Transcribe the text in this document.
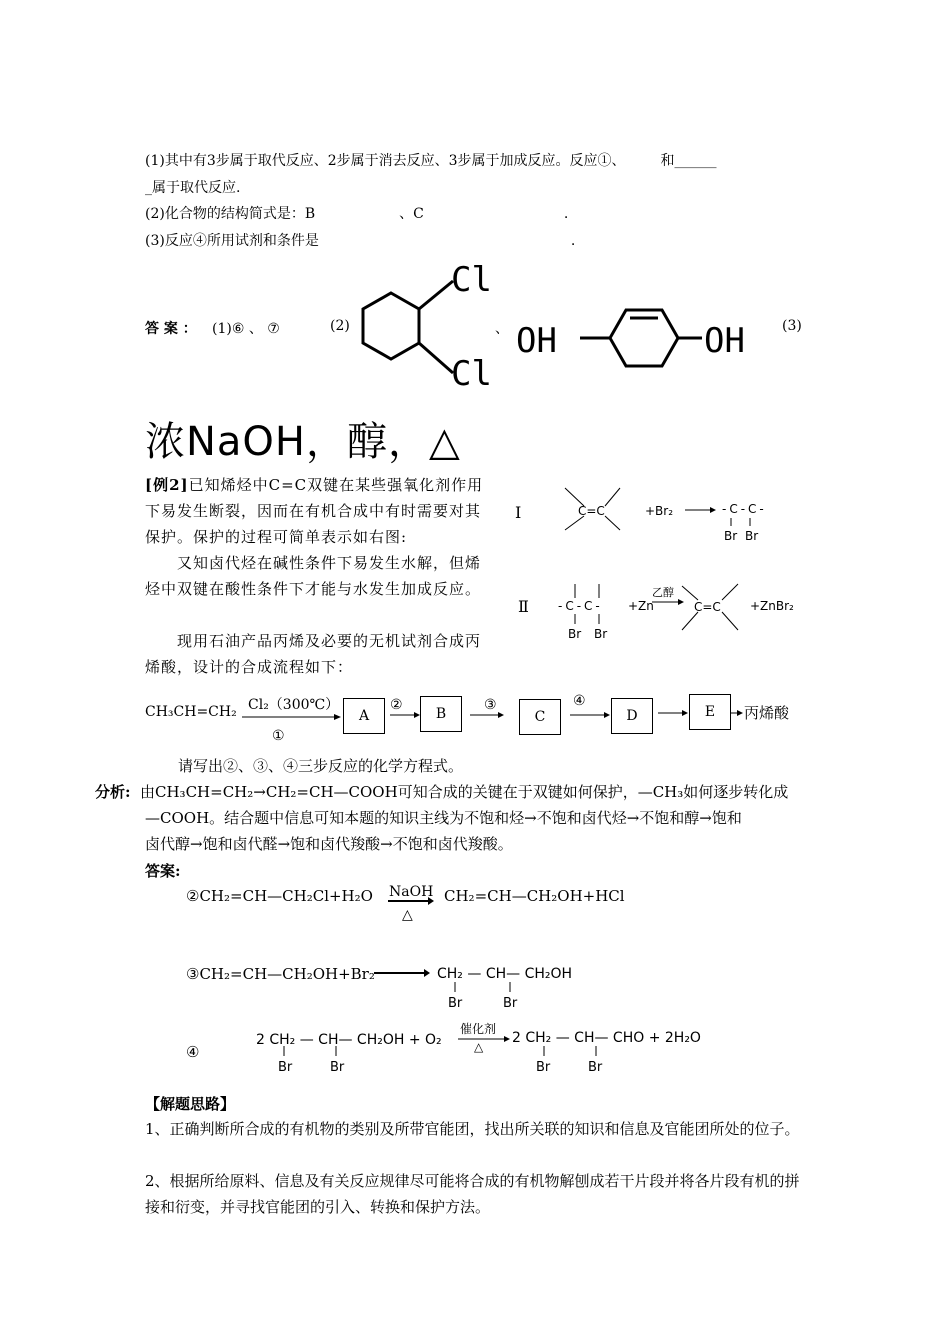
(1)其中有3步属于取代反应、2步属于消去反应、3步属于加成反应。反应①、　　　和______
_属于取代反应.
(2)化合物的结构简式是：B　　　　　　、C　　　　　　　　　　.
(3)反应④所用试剂和条件是　　　　　　　　　　　　　　　　　　.
答 案 ： (1)⑥ 、 ⑦	(2)	、	(3)
Cl
Cl
OH	OH
浓NaOH，醇，△
[例2]已知烯烃中C=C双键在某些强氧化剂作用下易发生断裂，因而在有机合成中有时需要对其保护。保护的过程可简单表示如右图:
又知卤代烃在碱性条件下易发生水解，但烯烃中双键在酸性条件下才能与水发生加成反应。
现用石油产品丙烯及必要的无机试剂合成丙烯酸，设计的合成流程如下：
Ⅰ	C=C	+Br₂	-C-C-
Br Br
Ⅱ -C-C-
Br Br
+Zn
乙醇
C=C +ZnBr₂
CH₃CH=CH₂ Cl₂（300℃）
①
A
②
B
③
C
④
D	E	丙烯酸
请写出②、③、④三步反应的化学方程式。
分析: 由CH₃CH=CH₂→CH₂=CH—COOH可知合成的关键在于双键如何保护，—CH₃如何逐步转化成
—COOH。结合题中信息可知本题的知识主线为不饱和烃→不饱和卤代烃→不饱和醇→饱和
卤代醇→饱和卤代醛→饱和卤代羧酸→不饱和卤代羧酸。
答案:
②CH₂=CH—CH₂Cl+H₂O NaOH
△
CH₂=CH—CH₂OH+HCl
③CH₂=CH—CH₂OH+Br₂	CH₂ — CH— CH₂OH
Br	Br
④
2 CH₂ — CH— CH₂OH + O₂
Br	Br
催化剂
△
2 CH₂ — CH— CHO + 2H₂O
Br	Br
【解题思路】
1、正确判断所合成的有机物的类别及所带官能团，找出所关联的知识和信息及官能团所处的位子。
2、根据所给原料、信息及有关反应规律尽可能将合成的有机物解刨成若干片段并将各片段有机的拼接和衍变，并寻找官能团的引入、转换和保护方法。
